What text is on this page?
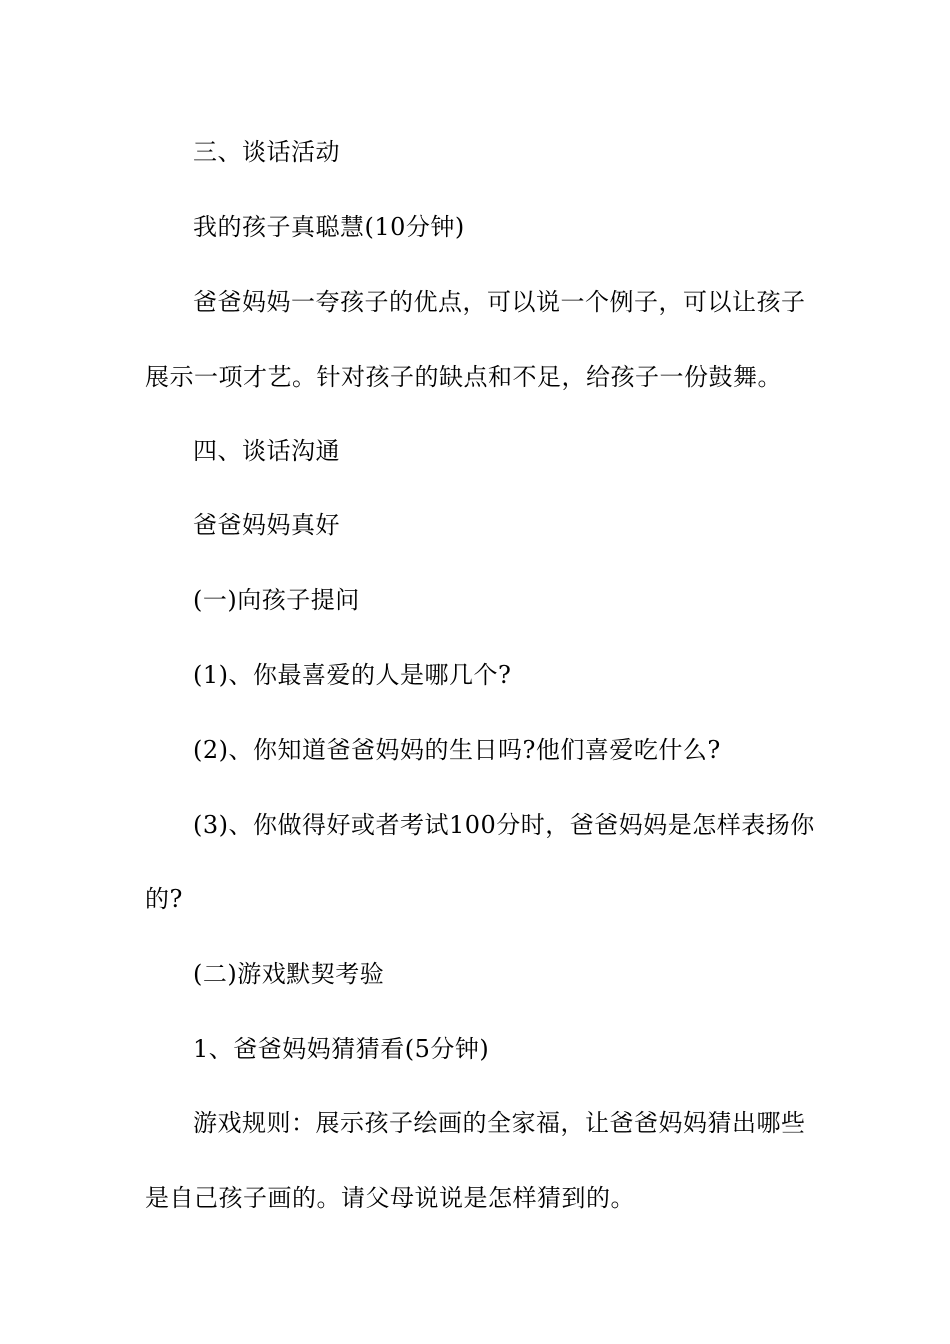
三、谈话活动
我的孩子真聪慧(10分钟)
爸爸妈妈一夸孩子的优点，可以说一个例子，可以让孩子
展示一项才艺。针对孩子的缺点和不足，给孩子一份鼓舞。
四、谈话沟通
爸爸妈妈真好
(一)向孩子提问
(1)、你最喜爱的人是哪几个?
(2)、你知道爸爸妈妈的生日吗?他们喜爱吃什么?
(3)、你做得好或者考试100分时，爸爸妈妈是怎样表扬你
的?
(二)游戏默契考验
1、爸爸妈妈猜猜看(5分钟)
游戏规则：展示孩子绘画的全家福，让爸爸妈妈猜出哪些
是自己孩子画的。请父母说说是怎样猜到的。
